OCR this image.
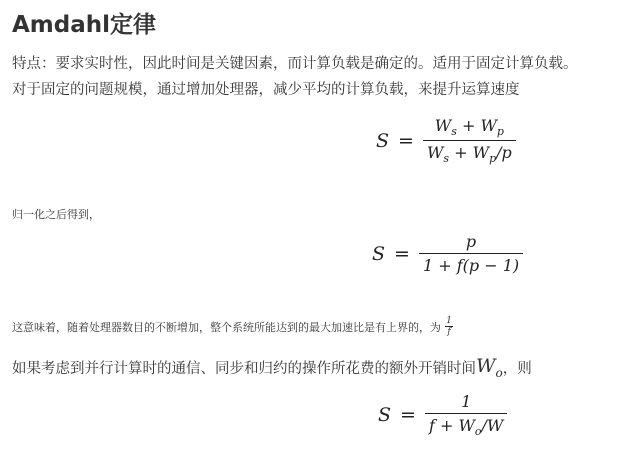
Amdahl定律
特点：要求实时性，因此时间是关键因素，而计算负载是确定的。适用于固定计算负载。
对于固定的问题规模，通过增加处理器，减少平均的计算负载，来提升运算速度
$S = \frac{W_s + W_p}{W_s + W_p/p}$
归一化之后得到，
$S = \frac{p}{1 + f(p - 1)}$
这意味着，随着处理器数目的不断增加，整个系统所能达到的最大加速比是有上界的，为 1
f
如果考虑到并行计算时的通信、同步和归约的操作所花费的额外开销时间 $W_o$ ，则
$S = \frac{1}{f + W_o/W}$
